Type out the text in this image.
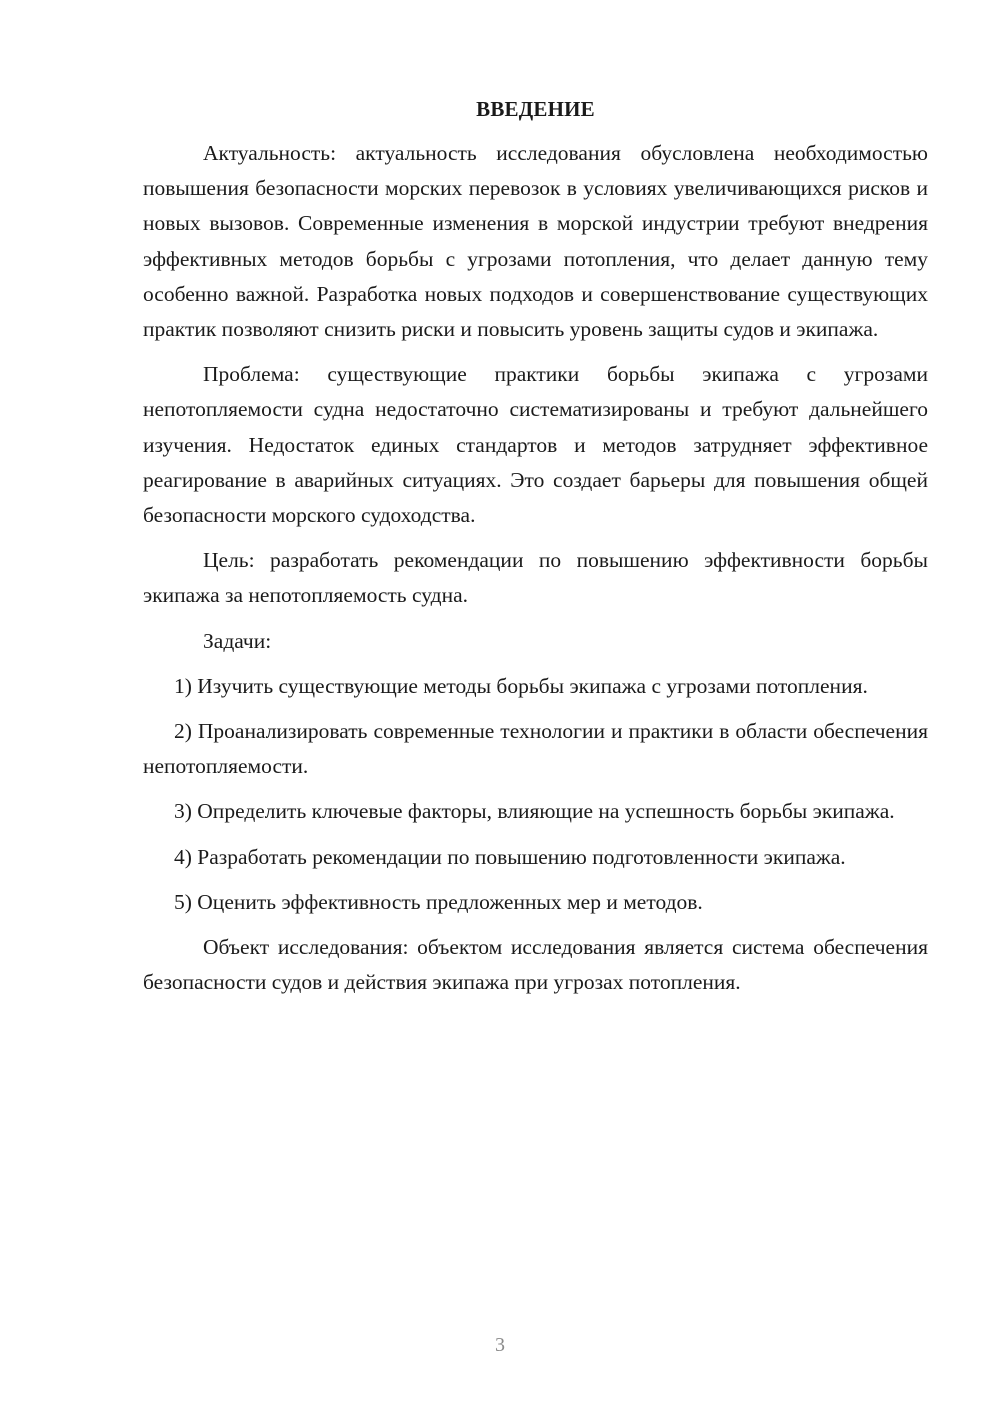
ВВЕДЕНИЕ

Актуальность: актуальность исследования обусловлена необходимостью повышения безопасности морских перевозок в условиях увеличивающихся рисков и новых вызовов. Современные изменения в морской индустрии требуют внедрения эффективных методов борьбы с угрозами потопления, что делает данную тему особенно важной. Разработка новых подходов и совершенствование существующих практик позволяют снизить риски и повысить уровень защиты судов и экипажа.

Проблема: существующие практики борьбы экипажа с угрозами непотопляемости судна недостаточно систематизированы и требуют дальнейшего изучения. Недостаток единых стандартов и методов затрудняет эффективное реагирование в аварийных ситуациях. Это создает барьеры для повышения общей безопасности морского судоходства.

Цель: разработать рекомендации по повышению эффективности борьбы экипажа за непотопляемость судна.

Задачи:

1) Изучить существующие методы борьбы экипажа с угрозами потопления.

2) Проанализировать современные технологии и практики в области обеспечения непотопляемости.

3) Определить ключевые факторы, влияющие на успешность борьбы экипажа.

4) Разработать рекомендации по повышению подготовленности экипажа.

5) Оценить эффективность предложенных мер и методов.

Объект исследования: объектом исследования является система обеспечения безопасности судов и действия экипажа при угрозах потопления.

3
